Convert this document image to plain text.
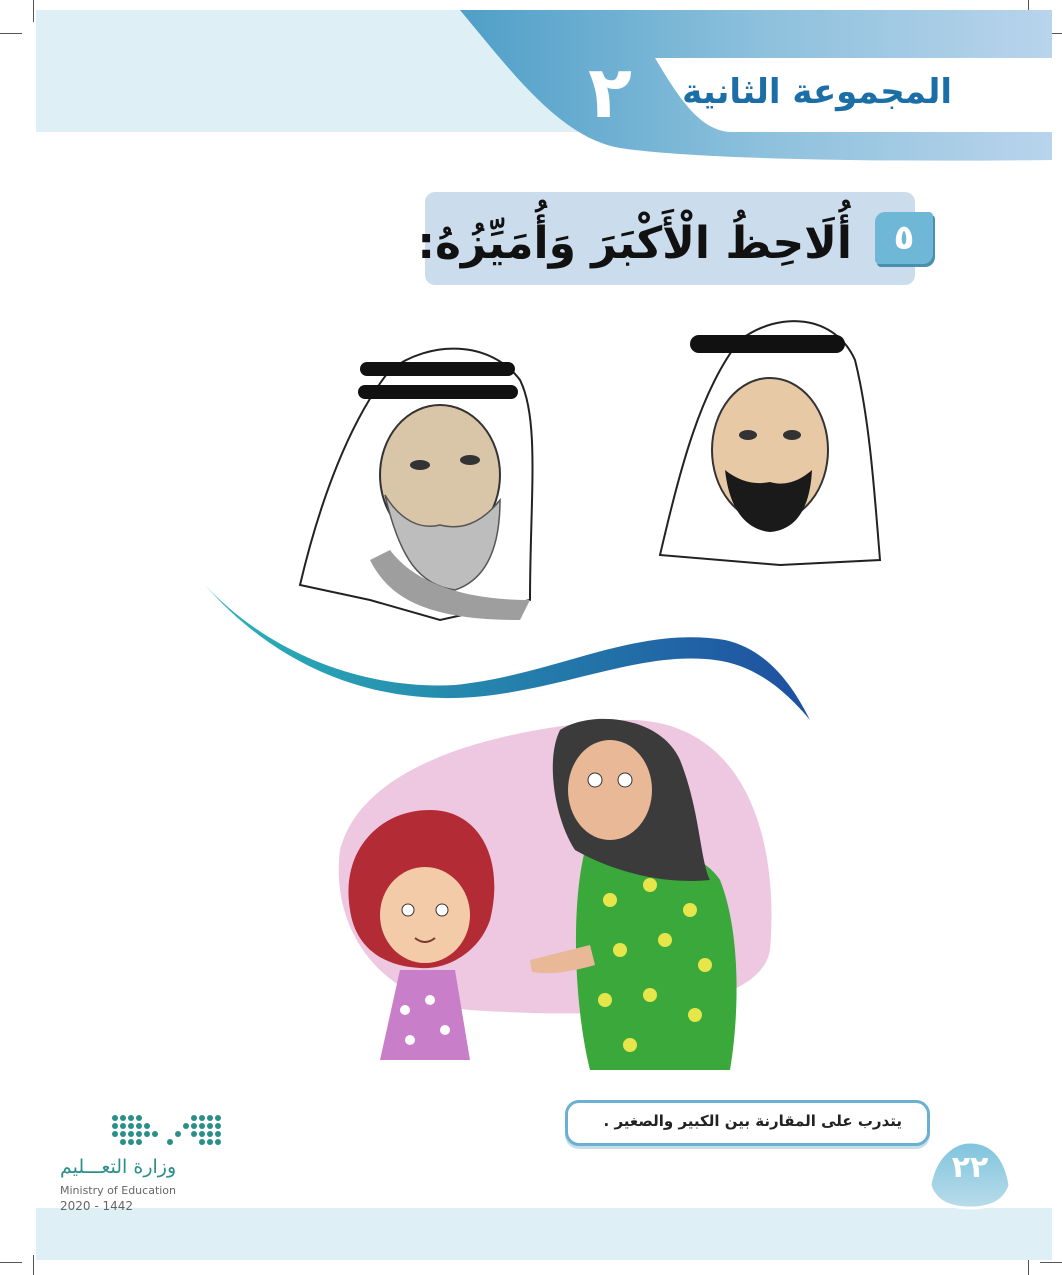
٢	المجموعة الثانية
٥
أُلَاحِظُ الْأَكْبَرَ وَأُمَيِّزُهُ:
يتدرب على المقارنة بين الكبير والصغير .
٢٢
وزارة التعـــليم
Ministry of Education
2020 - 1442
